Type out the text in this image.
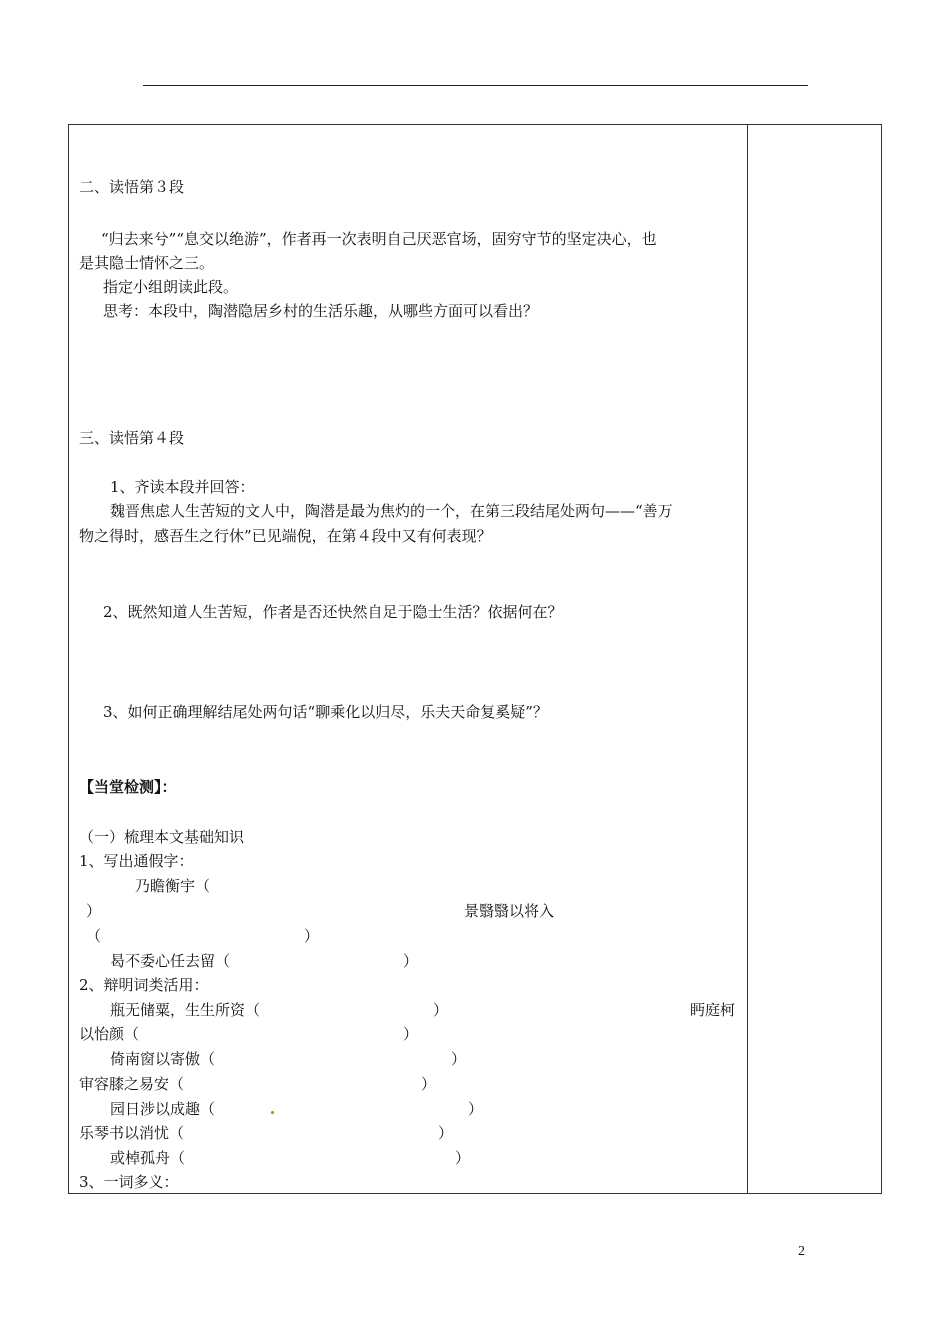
二、读悟第３段
“归去来兮”“息交以绝游”，作者再一次表明自己厌恶官场，固穷守节的坚定决心，也
是其隐士情怀之三。
指定小组朗读此段。
思考：本段中，陶潜隐居乡村的生活乐趣，从哪些方面可以看出？
三、读悟第４段
1、齐读本段并回答：
魏晋焦虑人生苦短的文人中，陶潜是最为焦灼的一个，在第三段结尾处两句——“善万
物之得时，感吾生之行休”已见端倪，在第４段中又有何表现？
2、既然知道人生苦短，作者是否还快然自足于隐士生活？依据何在？
3、如何正确理解结尾处两句话“聊乘化以归尽，乐夫天命复奚疑”？
【当堂检测】：
（一）梳理本文基础知识
1、写出通假字：
乃瞻衡宇（
）	景翳翳以将入
（	）
曷不委心任去留（	）
2、辩明词类活用：
瓶无储粟，生生所资（	）	眄庭柯
以怡颜（	）
倚南窗以寄傲（	）
审容膝之易安（	）
园日涉以成趣（	）
乐琴书以消忧（	）
或棹孤舟（	）
3、一词多义：
2
